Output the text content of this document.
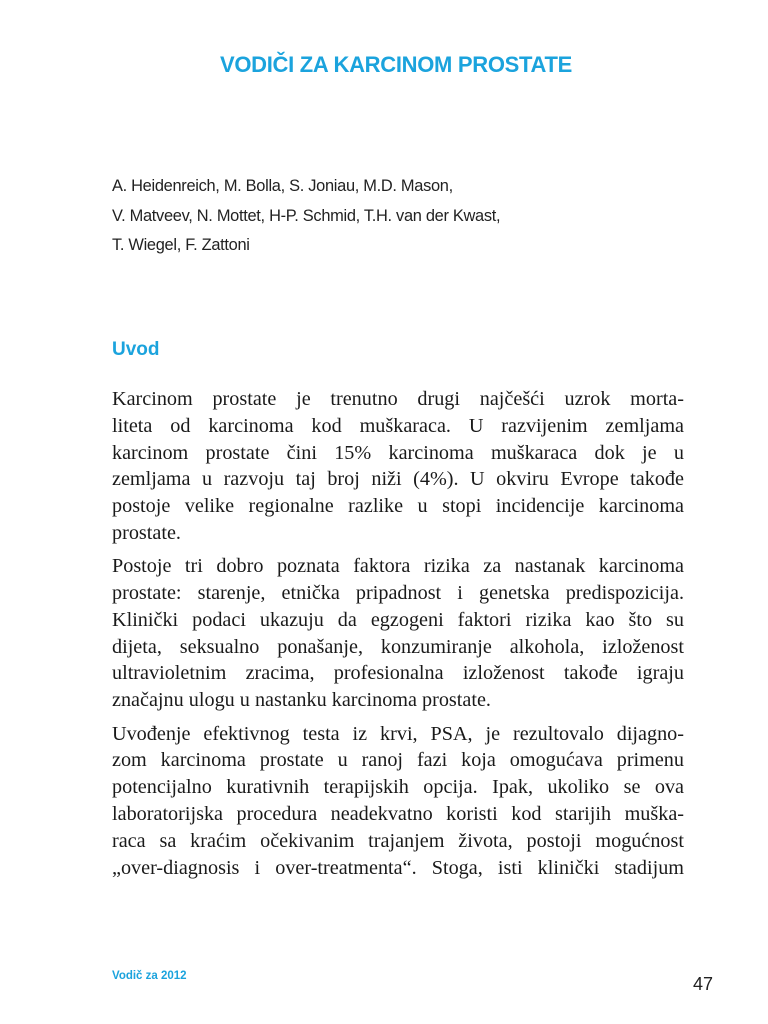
VODIČI ZA KARCINOM PROSTATE
A. Heidenreich, M. Bolla, S. Joniau, M.D. Mason,
V. Matveev, N. Mottet, H-P. Schmid, T.H. van der Kwast,
T. Wiegel, F. Zattoni
Uvod

Karcinom prostate je trenutno drugi najčešći uzrok morta-
liteta od karcinoma kod muškaraca. U razvijenim zemljama
karcinom prostate čini 15% karcinoma muškaraca dok je u
zemljama u razvoju taj broj niži (4%). U okviru Evrope takođe
postoje velike regionalne razlike u stopi incidencije karcinoma
prostate.

Postoje tri dobro poznata faktora rizika za nastanak karcinoma
prostate: starenje, etnička pripadnost i genetska predispozicija.
Klinički podaci ukazuju da egzogeni faktori rizika kao što su
dijeta, seksualno ponašanje, konzumiranje alkohola, izloženost
ultravioletnim zracima, profesionalna izloženost takođe igraju
značajnu ulogu u nastanku karcinoma prostate.

Uvođenje efektivnog testa iz krvi, PSA, je rezultovalo dijagno-
zom karcinoma prostate u ranoj fazi koja omogućava primenu
potencijalno kurativnih terapijskih opcija. Ipak, ukoliko se ova
laboratorijska procedura neadekvatno koristi kod starijih muška-
raca sa kraćim očekivanim trajanjem života, postoji mogućnost
„over-diagnosis i over-treatmenta“. Stoga, isti klinički stadijum

Vodič za 2012	47
